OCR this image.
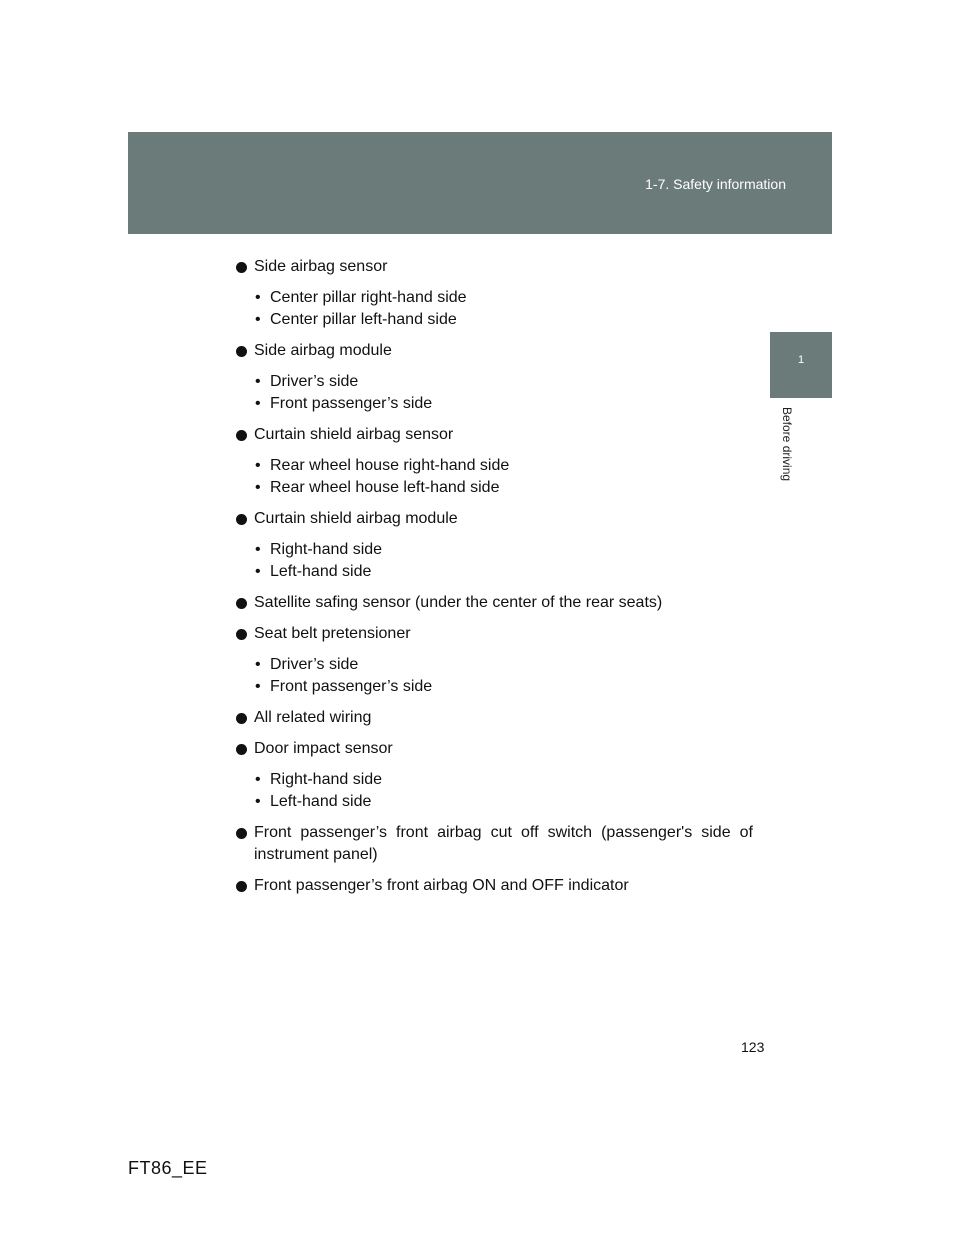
1-7. Safety information
1
Before driving
Side airbag sensor
• Center pillar right-hand side
• Center pillar left-hand side
Side airbag module
• Driver’s side
• Front passenger’s side
Curtain shield airbag sensor
• Rear wheel house right-hand side
• Rear wheel house left-hand side
Curtain shield airbag module
• Right-hand side
• Left-hand side
Satellite safing sensor (under the center of the rear seats)
Seat belt pretensioner
• Driver’s side
• Front passenger’s side
All related wiring
Door impact sensor
• Right-hand side
• Left-hand side
Front passenger’s front airbag cut off switch (passenger's side of instrument panel)
Front passenger’s front airbag ON and OFF indicator
123
FT86_EE
